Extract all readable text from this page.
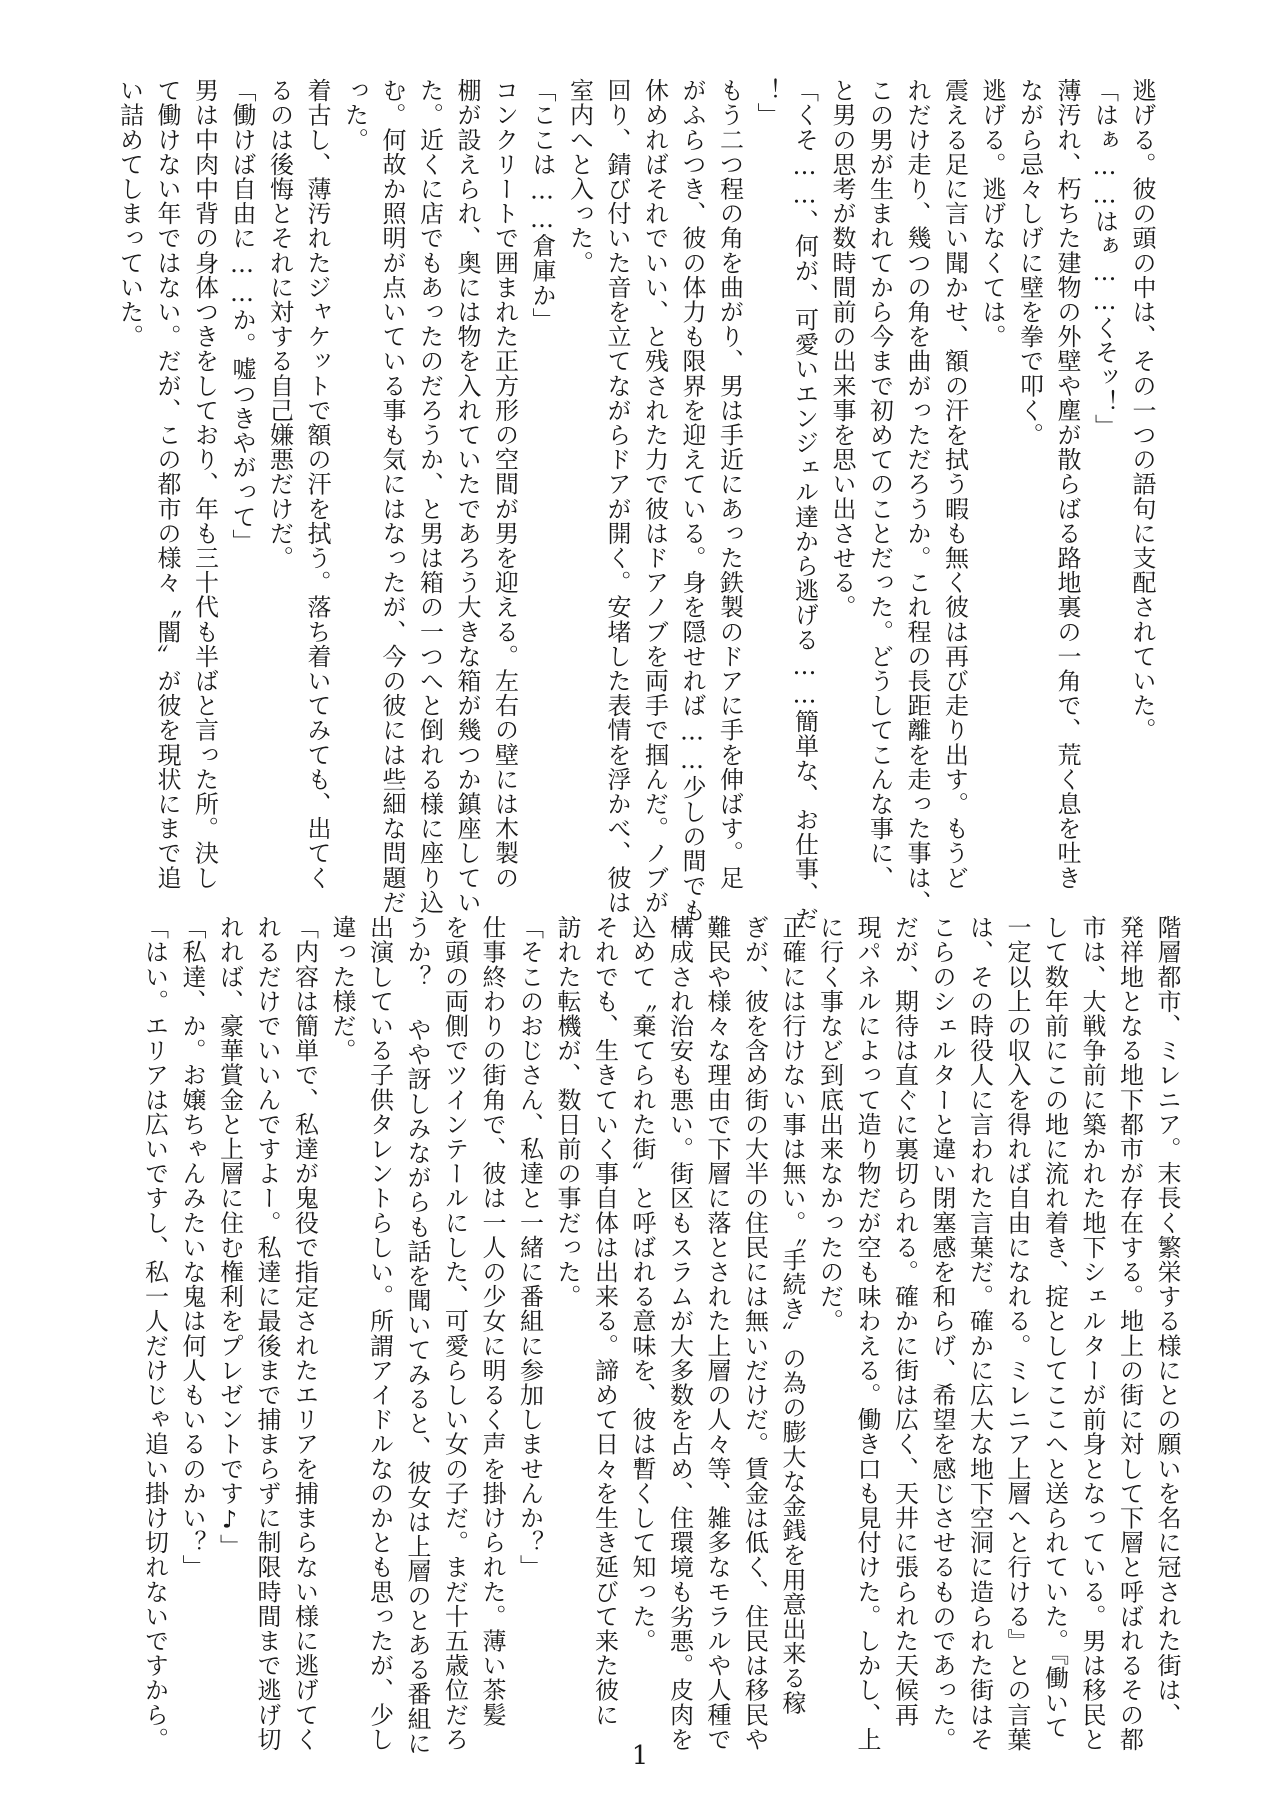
逃げる。彼の頭の中は、その一つの語句に支配されていた。

「はぁ……はぁ……くそッ！」

薄汚れ、朽ちた建物の外壁や塵が散らばる路地裏の一角で、荒く息を吐き

ながら忌々しげに壁を拳で叩く。

逃げる。逃げなくては。

震える足に言い聞かせ、額の汗を拭う暇も無く彼は再び走り出す。もうど

れだけ走り、幾つの角を曲がっただろうか。これ程の長距離を走った事は、

この男が生まれてから今まで初めてのことだった。どうしてこんな事に、

と男の思考が数時間前の出来事を思い出させる。

「くそ……、何が、可愛いエンジェル達から逃げる……簡単な、お仕事、だ

！」

もう二つ程の角を曲がり、男は手近にあった鉄製のドアに手を伸ばす。足

がふらつき、彼の体力も限界を迎えている。身を隠せれば……少しの間でも

休めればそれでいい、と残された力で彼はドアノブを両手で掴んだ。ノブが

回り、錆び付いた音を立てながらドアが開く。安堵した表情を浮かべ、彼は

室内へと入った。

「ここは……倉庫か」

コンクリートで囲まれた正方形の空間が男を迎える。左右の壁には木製の

棚が設えられ、奥には物を入れていたであろう大きな箱が幾つか鎮座してい

た。近くに店でもあったのだろうか、と男は箱の一つへと倒れる様に座り込

む。何故か照明が点いている事も気にはなったが、今の彼には些細な問題だ

った。

着古し、薄汚れたジャケットで額の汗を拭う。落ち着いてみても、出てく

るのは後悔とそれに対する自己嫌悪だけだ。

「働けば自由に……か。嘘つきやがって」

男は中肉中背の身体つきをしており、年も三十代も半ばと言った所。決し

て働けない年ではない。だが、この都市の様々〝闇〟が彼を現状にまで追

い詰めてしまっていた。

階層都市、ミレニア。末長く繁栄する様にとの願いを名に冠された街は、

発祥地となる地下都市が存在する。地上の街に対して下層と呼ばれるその都

市は、大戦争前に築かれた地下シェルターが前身となっている。男は移民と

して数年前にこの地に流れ着き、掟としてここへと送られていた。『働いて

一定以上の収入を得れば自由になれる。ミレニア上層へと行ける』との言葉

は、その時役人に言われた言葉だ。確かに広大な地下空洞に造られた街はそ

こらのシェルターと違い閉塞感を和らげ、希望を感じさせるものであった。

だが、期待は直ぐに裏切られる。確かに街は広く、天井に張られた天候再

現パネルによって造り物だが空も味わえる。働き口も見付けた。しかし、上

に行く事など到底出来なかったのだ。

正確には行けない事は無い。〝手続き〟の為の膨大な金銭を用意出来る稼

ぎが、彼を含め街の大半の住民には無いだけだ。賃金は低く、住民は移民や

難民や様々な理由で下層に落とされた上層の人々等、雑多なモラルや人種で

構成され治安も悪い。街区もスラムが大多数を占め、住環境も劣悪。皮肉を

込めて〝棄てられた街〟と呼ばれる意味を、彼は暫くして知った。

それでも、生きていく事自体は出来る。諦めて日々を生き延びて来た彼に

訪れた転機が、数日前の事だった。

「そこのおじさん、私達と一緒に番組に参加しませんか？」

仕事終わりの街角で、彼は一人の少女に明るく声を掛けられた。薄い茶髪

を頭の両側でツインテールにした、可愛らしい女の子だ。まだ十五歳位だろ

うか？ やや訝しみながらも話を聞いてみると、彼女は上層のとある番組に

出演している子供タレントらしい。所謂アイドルなのかとも思ったが、少し

違った様だ。

「内容は簡単で、私達が鬼役で指定されたエリアを捕まらない様に逃げてく

れるだけでいいんですよー。私達に最後まで捕まらずに制限時間まで逃げ切

れれば、豪華賞金と上層に住む権利をプレゼントです♪」

「私達、か。お嬢ちゃんみたいな鬼は何人もいるのかい？」

「はい。エリアは広いですし、私一人だけじゃ追い掛け切れないですから。

1
